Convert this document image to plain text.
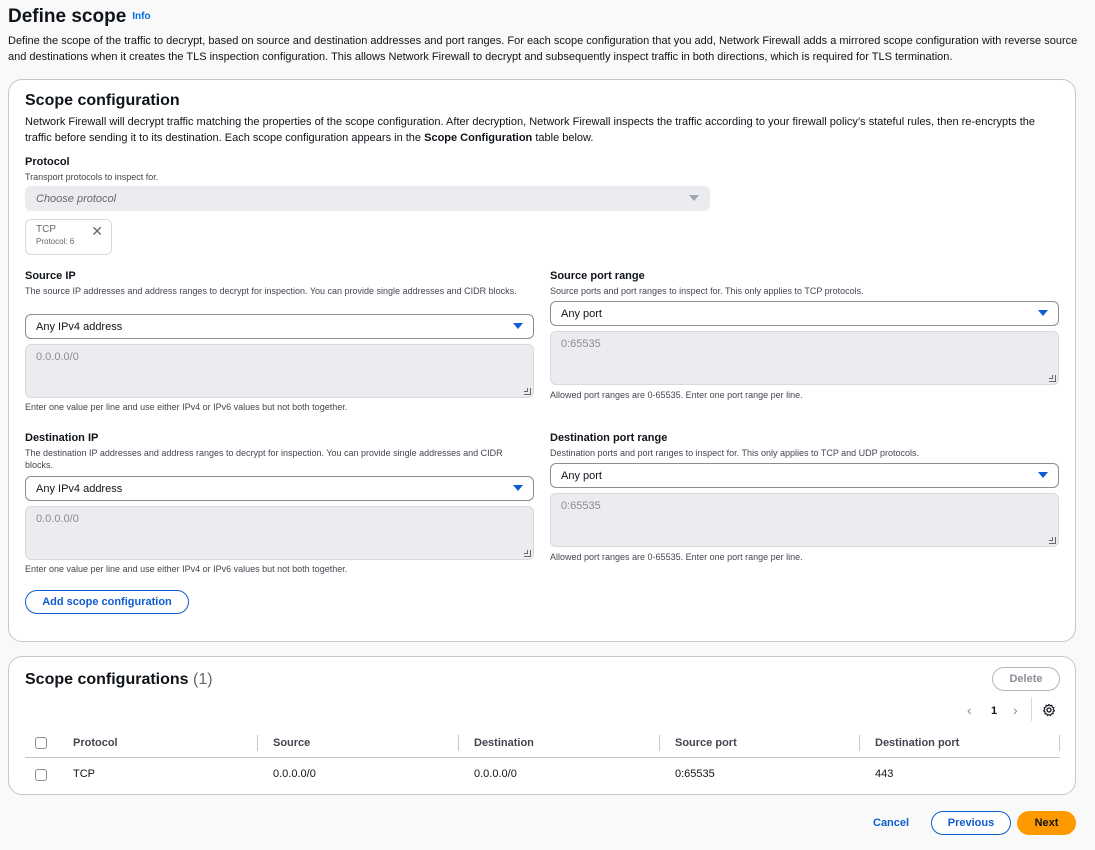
Define scope Info
Define the scope of the traffic to decrypt, based on source and destination addresses and port ranges. For each scope configuration that you add, Network Firewall adds a mirrored scope configuration with reverse source and destinations when it creates the TLS inspection configuration. This allows Network Firewall to decrypt and subsequently inspect traffic in both directions, which is required for TLS termination.
Scope configuration
Network Firewall will decrypt traffic matching the properties of the scope configuration. After decryption, Network Firewall inspects the traffic according to your firewall policy’s stateful rules, then re-encrypts the traffic before sending it to its destination. Each scope configuration appears in the Scope Configuration table below.
Protocol
Transport protocols to inspect for.
Choose protocol
TCP
Protocol: 6
✕
Source IP
The source IP addresses and address ranges to decrypt for inspection. You can provide single addresses and CIDR blocks.
Any IPv4 address
0.0.0.0/0
Enter one value per line and use either IPv4 or IPv6 values but not both together.
Source port range
Source ports and port ranges to inspect for. This only applies to TCP protocols.
Any port
0:65535
Allowed port ranges are 0-65535. Enter one port range per line.
Destination IP
The destination IP addresses and address ranges to decrypt for inspection. You can provide single addresses and CIDR blocks.
Any IPv4 address
0.0.0.0/0
Enter one value per line and use either IPv4 or IPv6 values but not both together.
Destination port range
Destination ports and port ranges to inspect for. This only applies to TCP and UDP protocols.
Any port
0:65535
Allowed port ranges are 0-65535. Enter one port range per line.
Add scope configuration
Scope configurations (1)	Delete
‹ 1 ›
Protocol	Source	Destination	Source port	Destination port
TCP	0.0.0.0/0	0.0.0.0/0	0:65535	443
Cancel	Previous	Next
